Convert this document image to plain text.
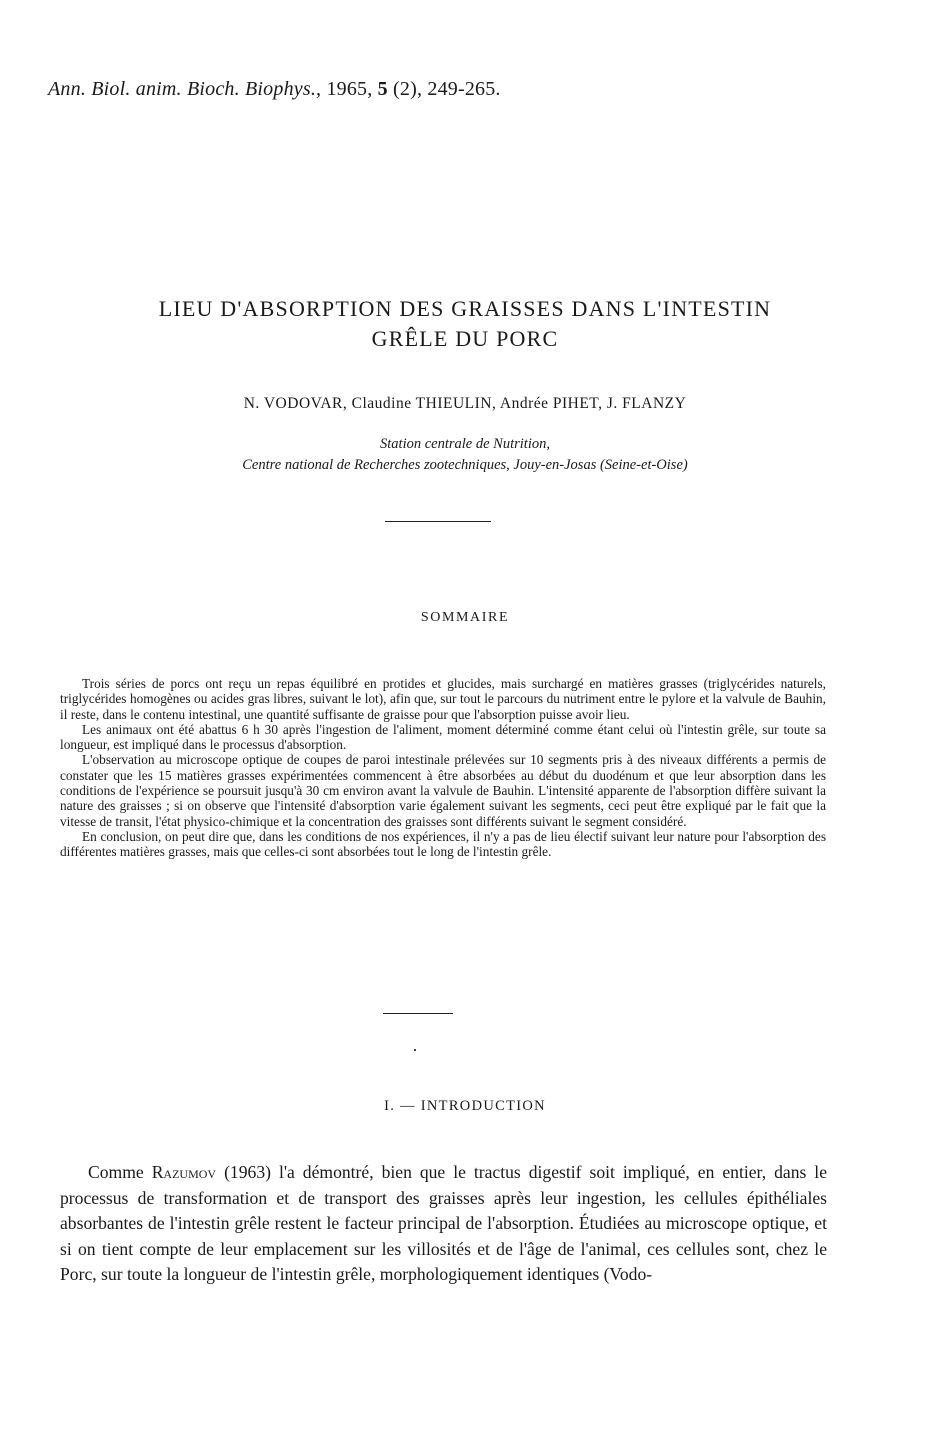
Ann. Biol. anim. Bioch. Biophys., 1965, 5 (2), 249-265.
LIEU D'ABSORPTION DES GRAISSES DANS L'INTESTIN
GRÊLE DU PORC
N. VODOVAR, Claudine THIEULIN, Andrée PIHET, J. FLANZY
Station centrale de Nutrition,
Centre national de Recherches zootechniques, Jouy-en-Josas (Seine-et-Oise)
SOMMAIRE

Trois séries de porcs ont reçu un repas équilibré en protides et glucides, mais surchargé en matières grasses (triglycérides naturels, triglycérides homogènes ou acides gras libres, suivant le lot), afin que, sur tout le parcours du nutriment entre le pylore et la valvule de Bauhin, il reste, dans le contenu intestinal, une quantité suffisante de graisse pour que l'absorption puisse avoir lieu.

Les animaux ont été abattus 6 h 30 après l'ingestion de l'aliment, moment déterminé comme étant celui où l'intestin grêle, sur toute sa longueur, est impliqué dans le processus d'absorption.

L'observation au microscope optique de coupes de paroi intestinale prélevées sur 10 segments pris à des niveaux différents a permis de constater que les 15 matières grasses expérimentées commencent à être absorbées au début du duodénum et que leur absorption dans les conditions de l'expérience se poursuit jusqu'à 30 cm environ avant la valvule de Bauhin. L'intensité apparente de l'absorption diffère suivant la nature des graisses ; si on observe que l'intensité d'absorption varie également suivant les segments, ceci peut être expliqué par le fait que la vitesse de transit, l'état physico-chimique et la concentration des graisses sont différents suivant le segment considéré.

En conclusion, on peut dire que, dans les conditions de nos expériences, il n'y a pas de lieu électif suivant leur nature pour l'absorption des différentes matières grasses, mais que celles-ci sont absorbées tout le long de l'intestin grêle.

I. — INTRODUCTION

Comme Razumov (1963) l'a démontré, bien que le tractus digestif soit impliqué, en entier, dans le processus de transformation et de transport des graisses après leur ingestion, les cellules épithéliales absorbantes de l'intestin grêle restent le facteur principal de l'absorption. Étudiées au microscope optique, et si on tient compte de leur emplacement sur les villosités et de l'âge de l'animal, ces cellules sont, chez le Porc, sur toute la longueur de l'intestin grêle, morphologiquement identiques (Vodo-
